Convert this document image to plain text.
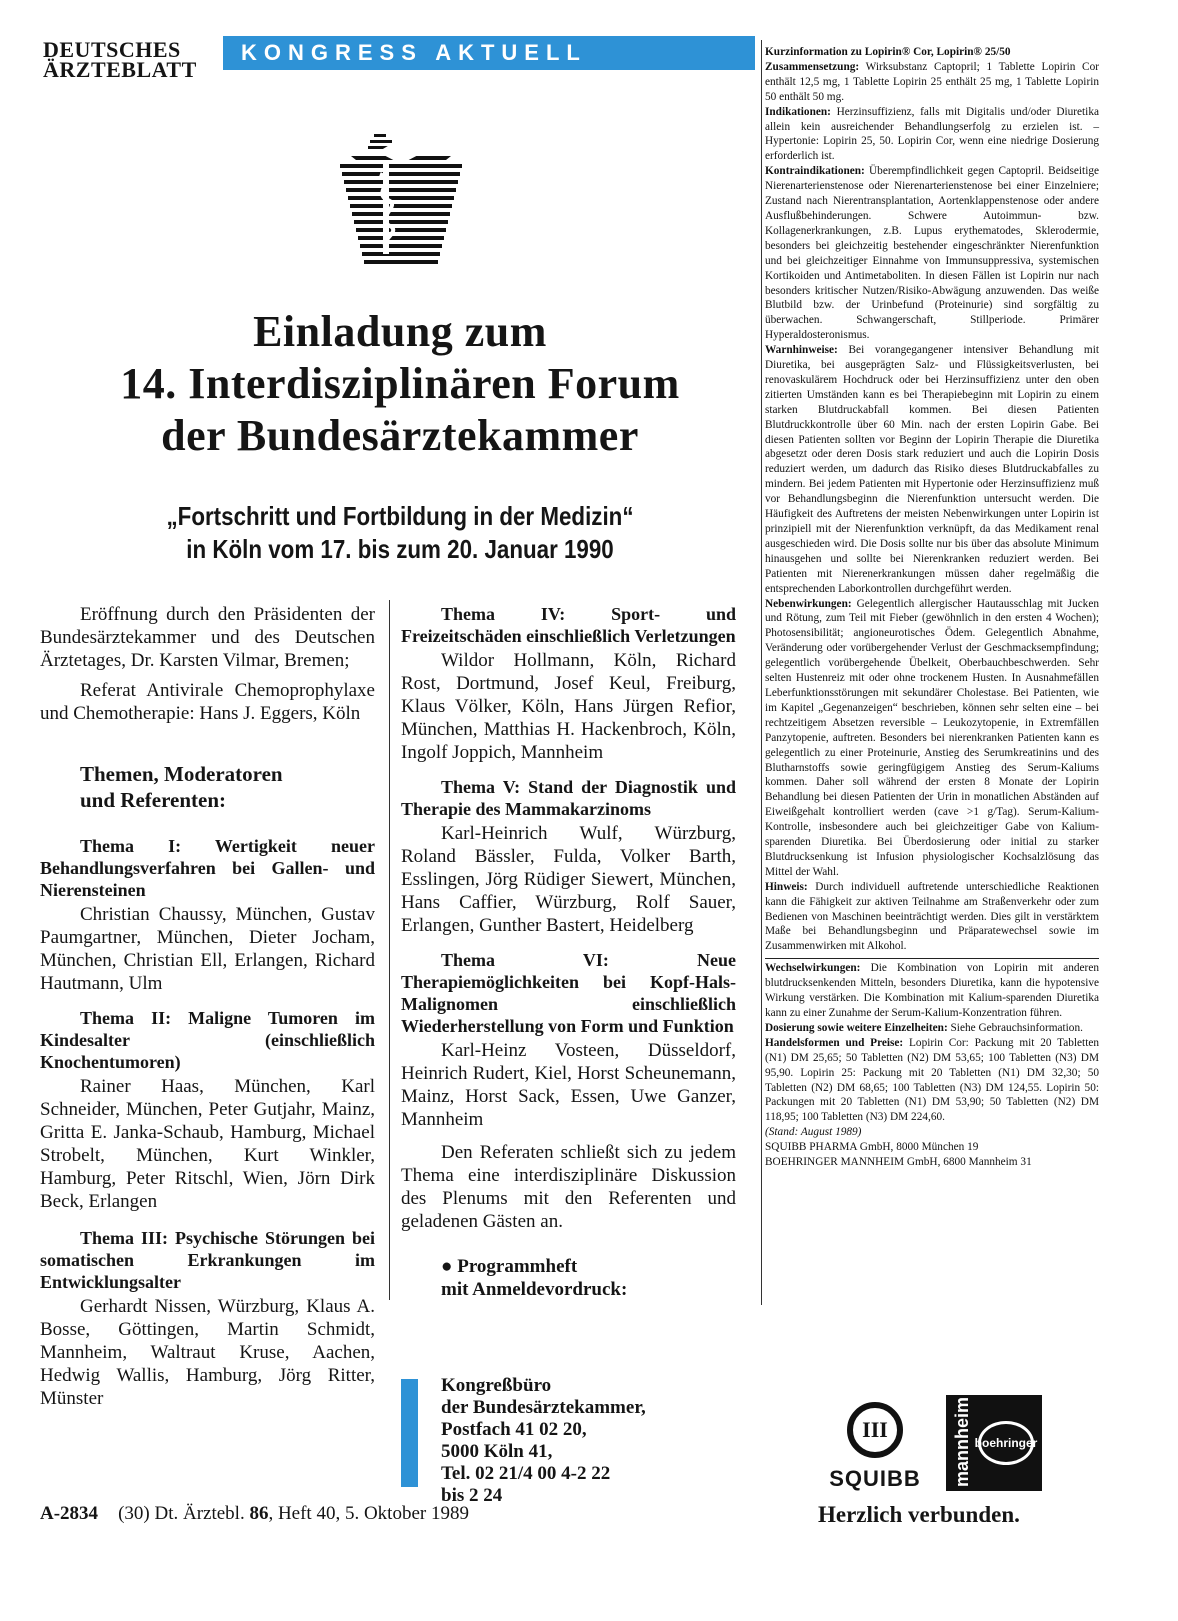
DEUTSCHES
ÄRZTEBLATT
KONGRESS AKTUELL
Einladung zum
14. Interdisziplinären Forum
der Bundesärztekammer
„Fortschritt und Fortbildung in der Medizin“
in Köln vom 17. bis zum 20. Januar 1990

Eröffnung durch den Präsidenten der Bundesärztekammer und des Deutschen Ärztetages, Dr. Karsten Vilmar, Bremen;

Referat Antivirale Chemoprophylaxe und Chemotherapie: Hans J. Eggers, Köln

Themen, Moderatoren
und Referenten:
Thema I: Wertigkeit neuer Behandlungsverfahren bei Gallen- und Nierensteinen

Christian Chaussy, München, Gustav Paumgartner, München, Dieter Jocham, München, Christian Ell, Erlangen, Richard Hautmann, Ulm

Thema II: Maligne Tumoren im Kindesalter (einschließlich Knochentumoren)

Rainer Haas, München, Karl Schneider, München, Peter Gutjahr, Mainz, Gritta E. Janka-Schaub, Hamburg, Michael Strobelt, München, Kurt Winkler, Hamburg, Peter Ritschl, Wien, Jörn Dirk Beck, Erlangen

Thema III: Psychische Störungen bei somatischen Erkrankungen im Entwicklungsalter

Gerhardt Nissen, Würzburg, Klaus A. Bosse, Göttingen, Martin Schmidt, Mannheim, Waltraut Kruse, Aachen, Hedwig Wallis, Hamburg, Jörg Ritter, Münster

Thema IV: Sport- und Freizeitschäden einschließlich Verletzungen

Wildor Hollmann, Köln, Richard Rost, Dortmund, Josef Keul, Freiburg, Klaus Völker, Köln, Hans Jürgen Refior, München, Matthias H. Hackenbroch, Köln, Ingolf Joppich, Mannheim

Thema V: Stand der Diagnostik und Therapie des Mammakarzinoms

Karl-Heinrich Wulf, Würzburg, Roland Bässler, Fulda, Volker Barth, Esslingen, Jörg Rüdiger Siewert, München, Hans Caffier, Würzburg, Rolf Sauer, Erlangen, Gunther Bastert, Heidelberg

Thema VI: Neue Therapiemöglichkeiten bei Kopf-Hals-Malignomen einschließlich Wiederherstellung von Form und Funktion

Karl-Heinz Vosteen, Düsseldorf, Heinrich Rudert, Kiel, Horst Scheunemann, Mainz, Horst Sack, Essen, Uwe Ganzer, Mannheim

Den Referaten schließt sich zu jedem Thema eine interdisziplinäre Diskussion des Plenums mit den Referenten und geladenen Gästen an.

● Programmheft
mit Anmeldevordruck:
Kongreßbüro
der Bundesärztekammer,
Postfach 41 02 20,
5000 Köln 41,
Tel. 02 21/4 00 4-2 22
bis 2 24

Kurzinformation zu Lopirin® Cor, Lopirin® 25/50

Zusammensetzung: Wirksubstanz Captopril; 1 Tablette Lopirin Cor enthält 12,5 mg, 1 Tablette Lopirin 25 enthält 25 mg, 1 Tablette Lopirin 50 enthält 50 mg.

Indikationen: Herzinsuffizienz, falls mit Digitalis und/oder Diuretika allein kein ausreichender Behandlungserfolg zu erzielen ist. – Hypertonie: Lopirin 25, 50. Lopirin Cor, wenn eine niedrige Dosierung erforderlich ist.

Kontraindikationen: Überempfindlichkeit gegen Captopril. Beidseitige Nierenarterienstenose oder Nierenarterienstenose bei einer Einzelniere; Zustand nach Nierentransplantation, Aortenklappenstenose oder andere Ausflußbehinderungen. Schwere Autoimmun- bzw. Kollagenerkrankungen, z.B. Lupus erythematodes, Sklerodermie, besonders bei gleichzeitig bestehender eingeschränkter Nierenfunktion und bei gleichzeitiger Einnahme von Immunsuppressiva, systemischen Kortikoiden und Antimetaboliten. In diesen Fällen ist Lopirin nur nach besonders kritischer Nutzen/Risiko-Abwägung anzuwenden. Das weiße Blutbild bzw. der Urinbefund (Proteinurie) sind sorgfältig zu überwachen. Schwangerschaft, Stillperiode. Primärer Hyperaldosteronismus.

Warnhinweise: Bei vorangegangener intensiver Behandlung mit Diuretika, bei ausgeprägten Salz- und Flüssigkeitsverlusten, bei renovaskulärem Hochdruck oder bei Herzinsuffizienz unter den oben zitierten Umständen kann es bei Therapiebeginn mit Lopirin zu einem starken Blutdruckabfall kommen. Bei diesen Patienten Blutdruckkontrolle über 60 Min. nach der ersten Lopirin Gabe. Bei diesen Patienten sollten vor Beginn der Lopirin Therapie die Diuretika abgesetzt oder deren Dosis stark reduziert und auch die Lopirin Dosis reduziert werden, um dadurch das Risiko dieses Blutdruckabfalles zu mindern. Bei jedem Patienten mit Hypertonie oder Herzinsuffizienz muß vor Behandlungsbeginn die Nierenfunktion untersucht werden. Die Häufigkeit des Auftretens der meisten Nebenwirkungen unter Lopirin ist prinzipiell mit der Nierenfunktion verknüpft, da das Medikament renal ausgeschieden wird. Die Dosis sollte nur bis über das absolute Minimum hinausgehen und sollte bei Nierenkranken reduziert werden. Bei Patienten mit Nierenerkrankungen müssen daher regelmäßig die entsprechenden Laborkontrollen durchgeführt werden.

Nebenwirkungen: Gelegentlich allergischer Hautausschlag mit Jucken und Rötung, zum Teil mit Fieber (gewöhnlich in den ersten 4 Wochen); Photosensibilität; angioneurotisches Ödem. Gelegentlich Abnahme, Veränderung oder vorübergehender Verlust der Geschmacksempfindung; gelegentlich vorübergehende Übelkeit, Oberbauchbeschwerden. Sehr selten Hustenreiz mit oder ohne trockenem Husten. In Ausnahmefällen Leberfunktionsstörungen mit sekundärer Cholestase. Bei Patienten, wie im Kapitel „Gegenanzeigen“ beschrieben, können sehr selten eine – bei rechtzeitigem Absetzen reversible – Leukozytopenie, in Extremfällen Panzytopenie, auftreten. Besonders bei nierenkranken Patienten kann es gelegentlich zu einer Proteinurie, Anstieg des Serumkreatinins und des Blutharnstoffs sowie geringfügigem Anstieg des Serum-Kaliums kommen. Daher soll während der ersten 8 Monate der Lopirin Behandlung bei diesen Patienten der Urin in monatlichen Abständen auf Eiweißgehalt kontrolliert werden (cave >1 g/Tag). Serum-Kalium-Kontrolle, insbesondere auch bei gleichzeitiger Gabe von Kalium-sparenden Diuretika. Bei Überdosierung oder initial zu starker Blutdrucksenkung ist Infusion physiologischer Kochsalzlösung das Mittel der Wahl.

Hinweis: Durch individuell auftretende unterschiedliche Reaktionen kann die Fähigkeit zur aktiven Teilnahme am Straßenverkehr oder zum Bedienen von Maschinen beeinträchtigt werden. Dies gilt in verstärktem Maße bei Behandlungsbeginn und Präparatewechsel sowie im Zusammenwirken mit Alkohol.

Wechselwirkungen: Die Kombination von Lopirin mit anderen blutdrucksenkenden Mitteln, besonders Diuretika, kann die hypotensive Wirkung verstärken. Die Kombination mit Kalium-sparenden Diuretika kann zu einer Zunahme der Serum-Kalium-Konzentration führen.

Dosierung sowie weitere Einzelheiten: Siehe Gebrauchsinformation.

Handelsformen und Preise: Lopirin Cor: Packung mit 20 Tabletten (N1) DM 25,65; 50 Tabletten (N2) DM 53,65; 100 Tabletten (N3) DM 95,90. Lopirin 25: Packung mit 20 Tabletten (N1) DM 32,30; 50 Tabletten (N2) DM 68,65; 100 Tabletten (N3) DM 124,55. Lopirin 50: Packungen mit 20 Tabletten (N1) DM 53,90; 50 Tabletten (N2) DM 118,95; 100 Tabletten (N3) DM 224,60.

(Stand: August 1989)

SQUIBB PHARMA GmbH, 8000 München 19

BOEHRINGER MANNHEIM GmbH, 6800 Mannheim 31

III
SQUIBB	mannheim boehringer
Herzlich verbunden.
A-2834 (30) Dt. Ärztebl. 86, Heft 40, 5. Oktober 1989
